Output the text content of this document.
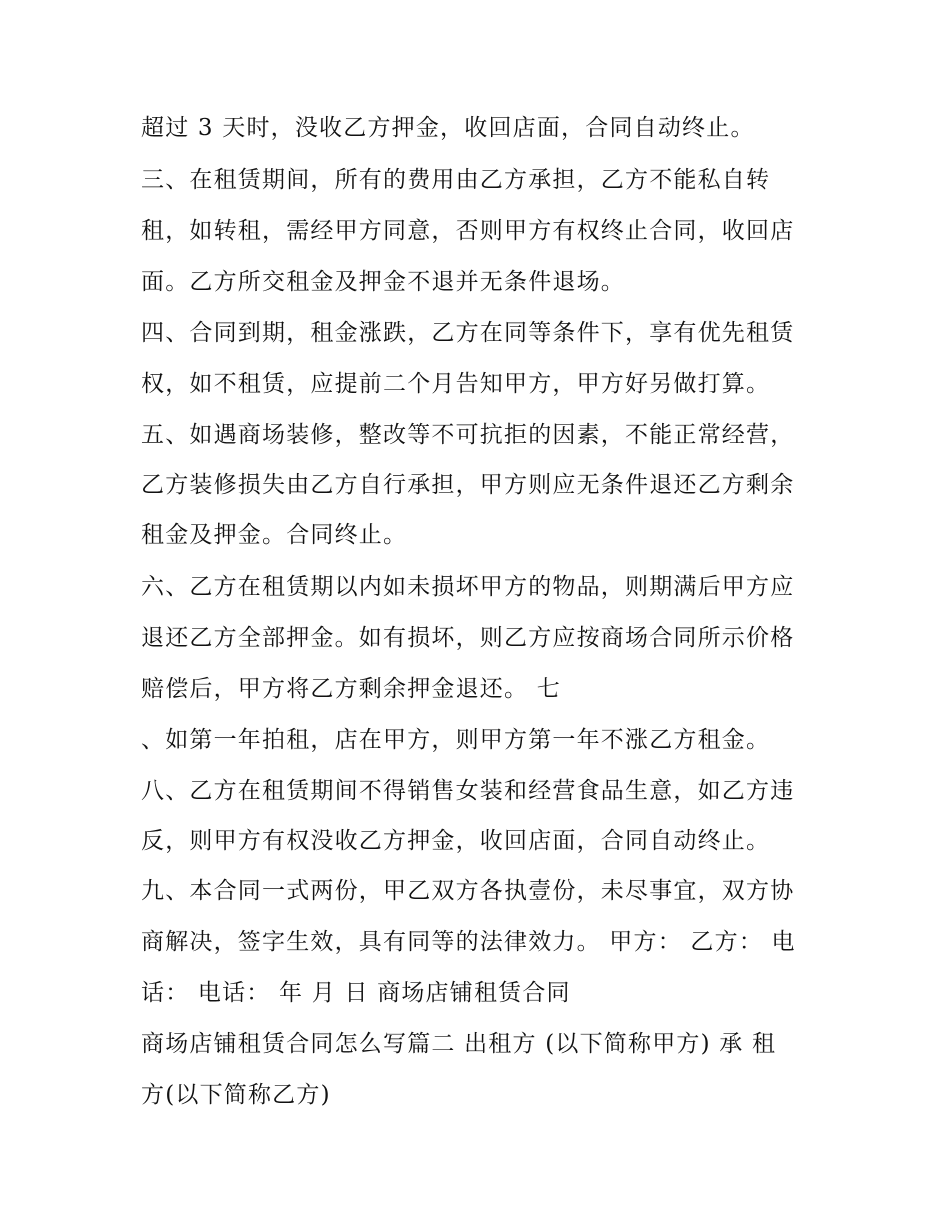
超过 3 天时，没收乙方押金，收回店面，合同自动终止。
三、在租赁期间，所有的费用由乙方承担，乙方不能私自转
租，如转租，需经甲方同意，否则甲方有权终止合同，收回店
面。乙方所交租金及押金不退并无条件退场。
四、合同到期，租金涨跌，乙方在同等条件下，享有优先租赁
权，如不租赁，应提前二个月告知甲方，甲方好另做打算。
五、如遇商场装修，整改等不可抗拒的因素，不能正常经营，
乙方装修损失由乙方自行承担，甲方则应无条件退还乙方剩余
租金及押金。合同终止。
六、乙方在租赁期以内如未损坏甲方的物品，则期满后甲方应
退还乙方全部押金。如有损坏，则乙方应按商场合同所示价格
赔偿后，甲方将乙方剩余押金退还。 七
、如第一年拍租，店在甲方，则甲方第一年不涨乙方租金。
八、乙方在租赁期间不得销售女装和经营食品生意，如乙方违
反，则甲方有权没收乙方押金，收回店面，合同自动终止。
九、本合同一式两份，甲乙双方各执壹份，未尽事宜，双方协
商解决，签字生效，具有同等的法律效力。 甲方： 乙方： 电
话： 电话： 年 月 日 商场店铺租赁合同
商场店铺租赁合同怎么写篇二 出租方 (以下简称甲方) 承 租
方(以下简称乙方)
